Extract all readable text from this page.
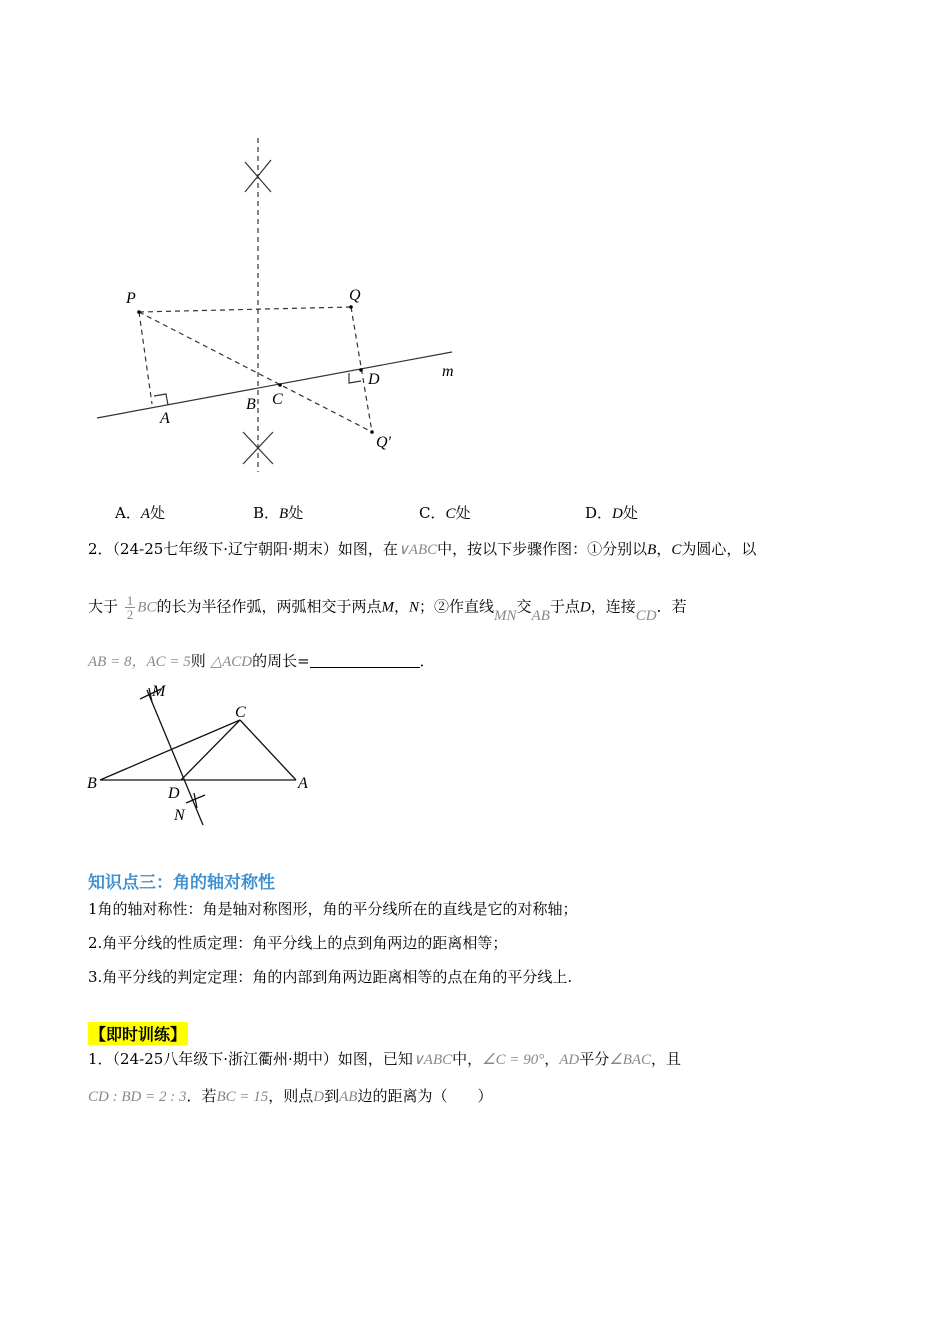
P	Q
Q′
A
B C
D	m
A．A处	B．B处	C．C处	D．D处
2．（24-25七年级下·辽宁朝阳·期末）如图，在∨ABC中，按以下步骤作图：①分别以B，C为圆心，以
大于 $\frac{1}{2}$ BC的长为半径作弧，两弧相交于两点M，N；②作直线MN交AB于点D，连接CD．若
AB = 8，AC = 5则 △ACD的周长=	．
M
C
B
D
A
N
知识点三：角的轴对称性
1角的轴对称性：角是轴对称图形，角的平分线所在的直线是它的对称轴；
2.角平分线的性质定理：角平分线上的点到角两边的距离相等；
3.角平分线的判定定理：角的内部到角两边距离相等的点在角的平分线上.
【即时训练】
1．（24-25八年级下·浙江衢州·期中）如图，已知∨ABC中，∠C = 90°，AD平分∠BAC，且
CD : BD = 2 : 3．若BC = 15，则点D到AB边的距离为（　　）
